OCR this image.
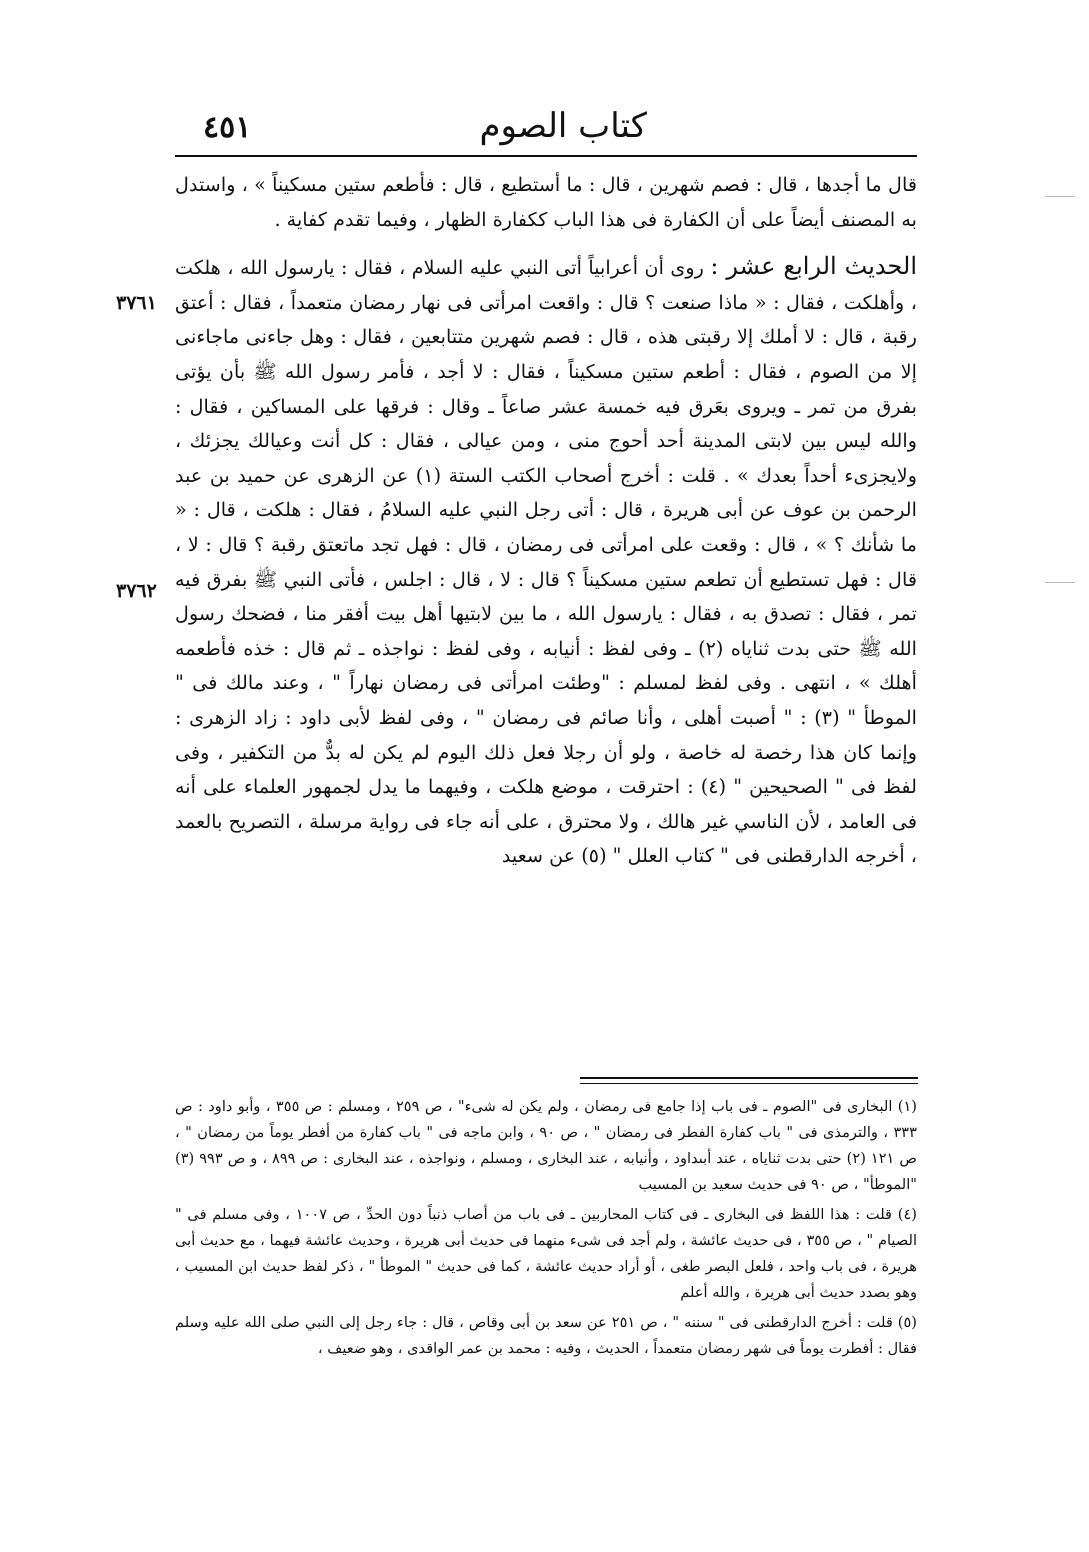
كتاب الصوم
٤٥١
٣٧٦١
٣٧٦٢

قال ما أجدها ، قال : فصم شهرين ، قال : ما أستطيع ، قال : فأطعم ستين مسكيناً » ، واستدل به المصنف أيضاً على أن الكفارة فى هذا الباب ككفارة الظهار ، وفيما تقدم كفاية .

الحديث الرابع عشر : روى أن أعرابياً أتى النبي عليه السلام ، فقال : يارسول الله ، هلكت ، وأهلكت ، فقال : « ماذا صنعت ؟ قال : واقعت امرأتى فى نهار رمضان متعمداً ، فقال : أعتق رقبة ، قال : لا أملك إلا رقبتى هذه ، قال : فصم شهرين متتابعين ، فقال : وهل جاءنى ماجاءنى إلا من الصوم ، فقال : أطعم ستين مسكيناً ، فقال : لا أجد ، فأمر رسول الله ﷺ بأن يؤتى بفرق من تمر ـ ويروى بعَرق فيه خمسة عشر صاعاً ـ وقال : فرقها على المساكين ، فقال : والله ليس بين لابتى المدينة أحد أحوج منى ، ومن عيالى ، فقال : كل أنت وعيالك يجزئك ، ولايجزىء أحداً بعدك » . قلت : أخرج أصحاب الكتب الستة (١) عن الزهرى عن حميد بن عبد الرحمن بن عوف عن أبى هريرة ، قال : أتى رجل النبي عليه السلامُ ، فقال : هلكت ، قال : « ما شأنك ؟ » ، قال : وقعت على امرأتى فى رمضان ، قال : فهل تجد ماتعتق رقبة ؟ قال : لا ، قال : فهل تستطيع أن تطعم ستين مسكيناً ؟ قال : لا ، قال : اجلس ، فأتى النبي ﷺ بفرق فيه تمر ، فقال : تصدق به ، فقال : يارسول الله ، ما بين لابتيها أهل بيت أفقر منا ، فضحك رسول الله ﷺ حتى بدت ثناياه (٢) ـ وفى لفظ : أنيابه ، وفى لفظ : نواجذه ـ ثم قال : خذه فأطعمه أهلك » ، انتهى . وفى لفظ لمسلم : "وطئت امرأتى فى رمضان نهاراً " ، وعند مالك فى " الموطأ " (٣) : " أصبت أهلى ، وأنا صائم فى رمضان " ، وفى لفظ لأبى داود : زاد الزهرى : وإنما كان هذا رخصة له خاصة ، ولو أن رجلا فعل ذلك اليوم لم يكن له بدٌّ من التكفير ، وفى لفظ فى " الصحيحين " (٤) : احترقت ، موضع هلكت ، وفيهما ما يدل لجمهور العلماء على أنه فى العامد ، لأن الناسي غير هالك ، ولا محترق ، على أنه جاء فى رواية مرسلة ، التصريح بالعمد ، أخرجه الدارقطنى فى " كتاب العلل " (٥) عن سعيد

(١) البخارى فى "الصوم ـ فى باب إذا جامع فى رمضان ، ولم يكن له شىء" ، ص ٢٥٩ ، ومسلم : ص ٣٥٥ ، وأبو داود : ص ٣٣٣ ، والترمذى فى " باب كفارة الفطر فى رمضان " ، ص ٩٠ ، وابن ماجه فى " باب كفارة من أفطر يوماً من رمضان " ، ص ١٢١ (٢) حتى بدت ثناياه ، عند أبىداود ، وأنيابه ، عند البخارى ، ومسلم ، ونواجذه ، عند البخارى : ص ٨٩٩ ، و ص ٩٩٣ (٣) "الموطأ" ، ص ٩٠ فى حديث سعيد بن المسيب

(٤) قلت : هذا اللفظ فى البخارى ـ فى كتاب المحاربين ـ فى باب من أصاب ذنباً دون الحدِّ ، ص ١٠٠٧ ، وفى مسلم فى " الصيام " ، ص ٣٥٥ ، فى حديث عائشة ، ولم أجد فى شىء منهما فى حديث أبى هريرة ، وحديث عائشة فيهما ، مع حديث أبى هريرة ، فى باب واحد ، فلعل البصر طغى ، أو أراد حديث عائشة ، كما فى حديث " الموطأ " ، ذكر لفظ حديث ابن المسيب ، وهو بصدد حديث أبى هريرة ، والله أعلم

(٥) قلت : أخرج الدارقطنى فى " سننه " ، ص ٢٥١ عن سعد بن أبى وقاص ، قال : جاء رجل إلى النبي صلى الله عليه وسلم فقال : أفطرت يوماً فى شهر رمضان متعمداً ، الحديث ، وفيه : محمد بن عمر الواقدى ، وهو ضعيف ،
